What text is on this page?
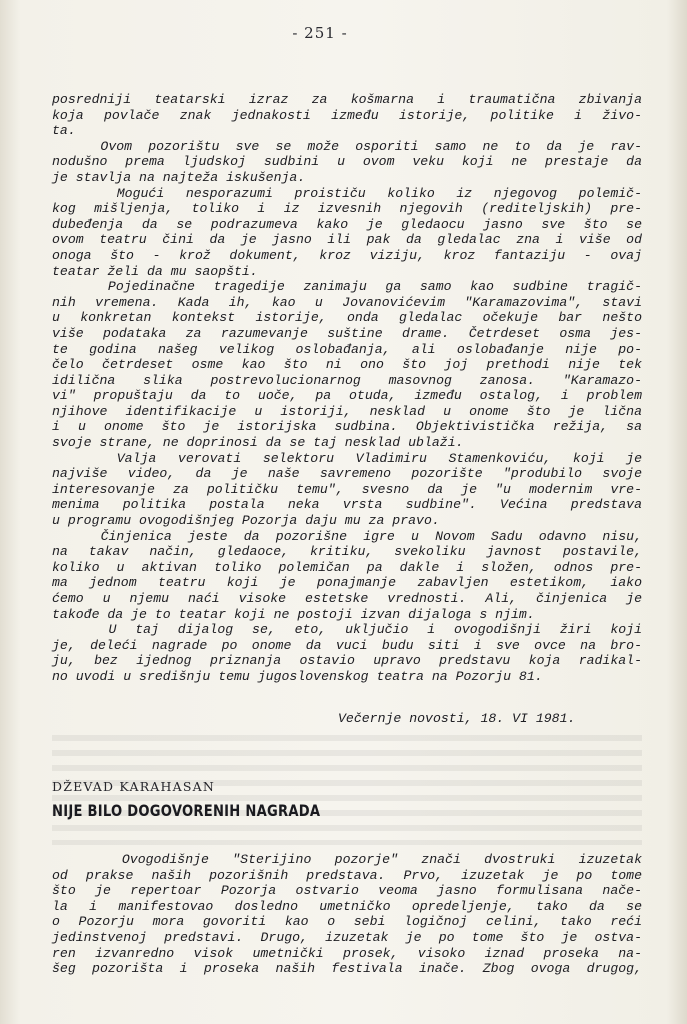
- 251 -
posredniji teatarski izraz za košmarna i traumatična zbivanja
koja povlače znak jednakosti između istorije, politike i živo-
ta.
Ovom pozorištu sve se može osporiti samo ne to da je rav-
nodušno prema ljudskoj sudbini u ovom veku koji ne prestaje da
je stavlja na najteža iskušenja.
Mogući nesporazumi proističu koliko iz njegovog polemič-
kog mišljenja, toliko i iz izvesnih njegovih (rediteljskih) pre-
dubeđenja da se podrazumeva kako je gledaocu jasno sve što se
ovom teatru čini da je jasno ili pak da gledalac zna i više od
onoga što - krož dokument, kroz viziju, kroz fantaziju - ovaj
teatar želi da mu saopšti.
Pojedinačne tragedije zanimaju ga samo kao sudbine tragič-
nih vremena. Kada ih, kao u Jovanovićevim "Karamazovima", stavi
u konkretan kontekst istorije, onda gledalac očekuje bar nešto
više podataka za razumevanje suštine drame. Četrdeset osma jes-
te godina našeg velikog oslobađanja, ali oslobađanje nije po-
čelo četrdeset osme kao što ni ono što joj prethodi nije tek
idilična slika postrevolucionarnog masovnog zanosa. "Karamazo-
vi" propuštaju da to uoče, pa otuda, između ostalog, i problem
njihove identifikacije u istoriji, nesklad u onome što je lična
i u onome što je istorijska sudbina. Objektivistička režija, sa
svoje strane, ne doprinosi da se taj nesklad ublaži.
Valja verovati selektoru Vladimiru Stamenkoviću, koji je
najviše video, da je naše savremeno pozorište "produbilo svoje
interesovanje za političku temu", svesno da je "u modernim vre-
menima politika postala neka vrsta sudbine". Većina predstava
u programu ovogodišnjeg Pozorja daju mu za pravo.
Činjenica jeste da pozorišne igre u Novom Sadu odavno nisu,
na takav način, gledaoce, kritiku, svekoliku javnost postavile,
koliko u aktivan toliko polemičan pa dakle i složen, odnos pre-
ma jednom teatru koji je ponajmanje zabavljen estetikom, iako
ćemo u njemu naći visoke estetske vrednosti. Ali, činjenica je
takođe da je to teatar koji ne postoji izvan dijaloga s njim.
U taj dijalog se, eto, uključio i ovogodišnji žiri koji
je, deleći nagrade po onome da vuci budu siti i sve ovce na bro-
ju, bez ijednog priznanja ostavio upravo predstavu koja radikal-
no uvodi u središnju temu jugoslovenskog teatra na Pozorju 81.
Večernje novosti, 18. VI 1981.
DŽEVAD KARAHASAN
NIJE BILO DOGOVORENIH NAGRADA
Ovogodišnje "Sterijino pozorje" znači dvostruki izuzetak
od prakse naših pozorišnih predstava. Prvo, izuzetak je po tome
što je repertoar Pozorja ostvario veoma jasno formulisana nače-
la i manifestovao dosledno umetničko opredeljenje, tako da se
o Pozorju mora govoriti kao o sebi logičnoj celini, tako reći
jedinstvenoj predstavi. Drugo, izuzetak je po tome što je ostva-
ren izvanredno visok umetnički prosek, visoko iznad proseka na-
šeg pozorišta i proseka naših festivala inače. Zbog ovoga drugog,
